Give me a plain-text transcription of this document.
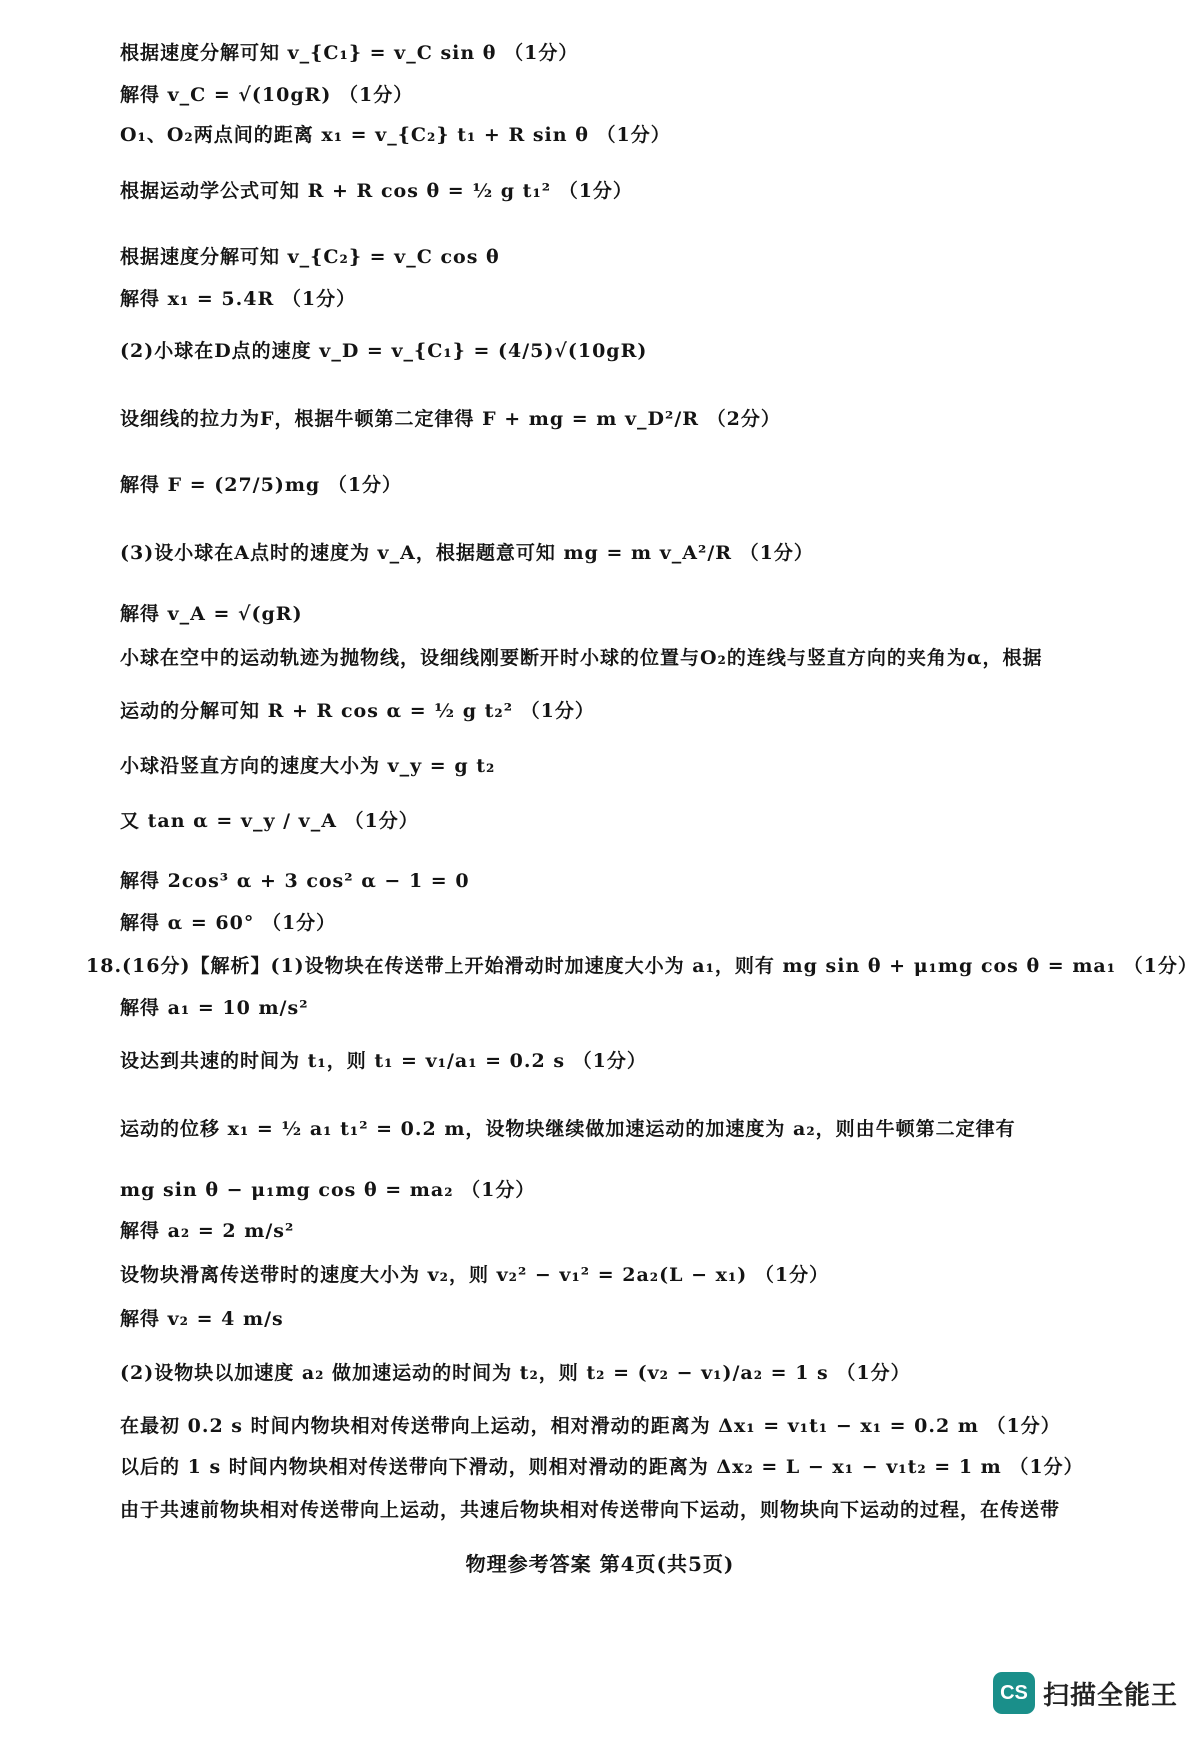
根据速度分解可知 v_{C₁} = v_C sin θ （1分）
解得 v_C = √(10gR) （1分）
O₁、O₂两点间的距离 x₁ = v_{C₂} t₁ + R sin θ （1分）
根据运动学公式可知 R + R cos θ = ½ g t₁² （1分）
根据速度分解可知 v_{C₂} = v_C cos θ
解得 x₁ = 5.4R （1分）
(2)小球在D点的速度 v_D = v_{C₁} = (4/5)√(10gR)
设细线的拉力为F，根据牛顿第二定律得 F + mg = m v_D²/R （2分）
解得 F = (27/5)mg （1分）
(3)设小球在A点时的速度为 v_A，根据题意可知 mg = m v_A²/R （1分）
解得 v_A = √(gR)
小球在空中的运动轨迹为抛物线，设细线刚要断开时小球的位置与O₂的连线与竖直方向的夹角为α，根据
运动的分解可知 R + R cos α = ½ g t₂² （1分）
小球沿竖直方向的速度大小为 v_y = g t₂
又 tan α = v_y / v_A （1分）
解得 2cos³ α + 3 cos² α − 1 = 0
解得 α = 60° （1分）
18.(16分)【解析】(1)设物块在传送带上开始滑动时加速度大小为 a₁，则有 mg sin θ + μ₁mg cos θ = ma₁ （1分）
解得 a₁ = 10 m/s²
设达到共速的时间为 t₁，则 t₁ = v₁/a₁ = 0.2 s （1分）
运动的位移 x₁ = ½ a₁ t₁² = 0.2 m，设物块继续做加速运动的加速度为 a₂，则由牛顿第二定律有
mg sin θ − μ₁mg cos θ = ma₂ （1分）
解得 a₂ = 2 m/s²
设物块滑离传送带时的速度大小为 v₂，则 v₂² − v₁² = 2a₂(L − x₁) （1分）
解得 v₂ = 4 m/s
(2)设物块以加速度 a₂ 做加速运动的时间为 t₂，则 t₂ = (v₂ − v₁)/a₂ = 1 s （1分）
在最初 0.2 s 时间内物块相对传送带向上运动，相对滑动的距离为 Δx₁ = v₁t₁ − x₁ = 0.2 m （1分）
以后的 1 s 时间内物块相对传送带向下滑动，则相对滑动的距离为 Δx₂ = L − x₁ − v₁t₂ = 1 m （1分）
由于共速前物块相对传送带向上运动，共速后物块相对传送带向下运动，则物块向下运动的过程，在传送带
物理参考答案 第4页(共5页)
CS 扫描全能王
